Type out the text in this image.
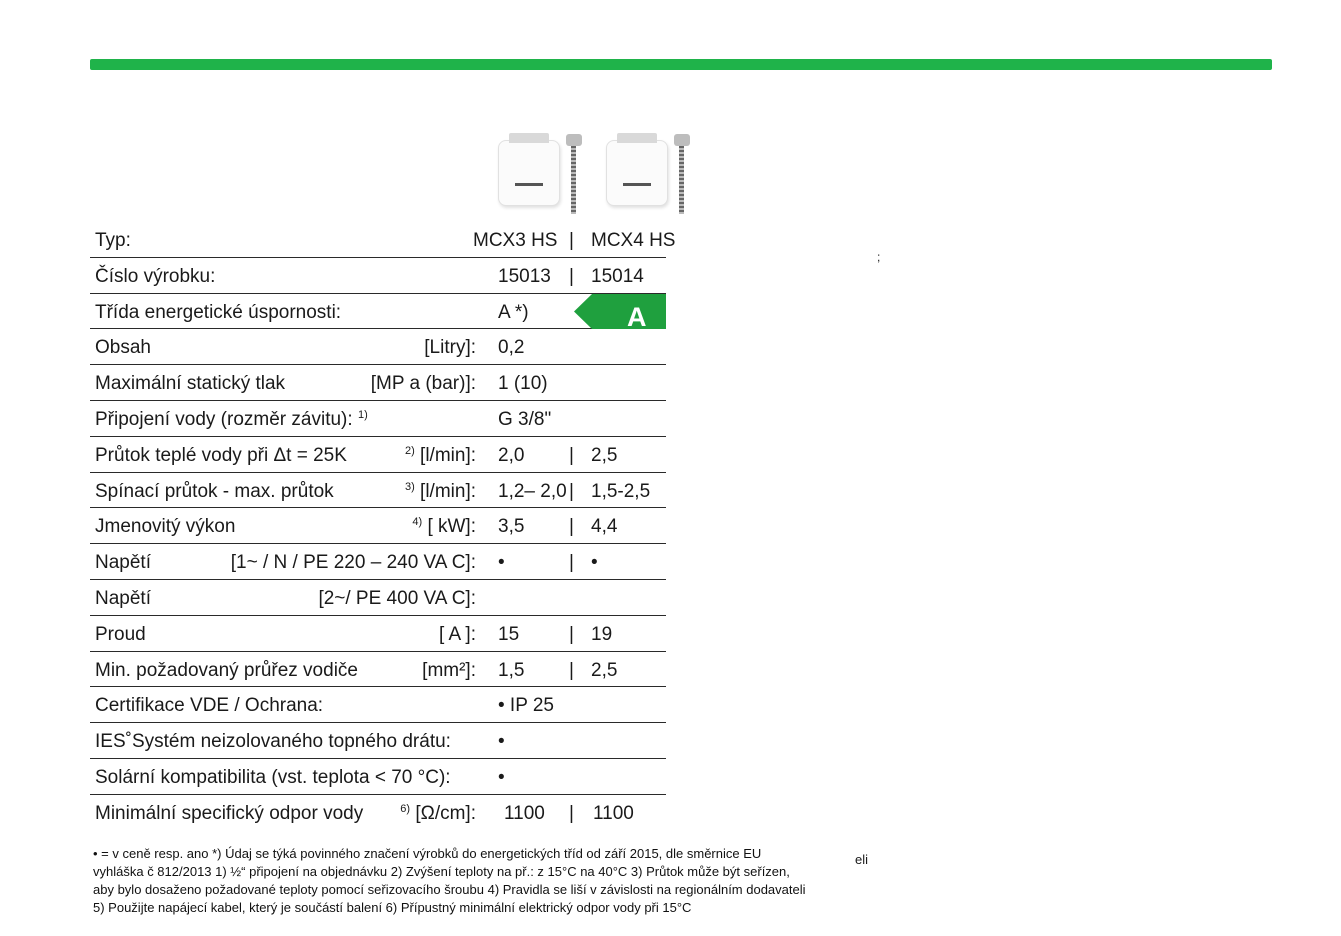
Typ:	MCX3 HS | MCX4 HS
Číslo výrobku:	15013 | 15014
Třída energetické úspornosti:	A *)	A
Obsah	[Litry]: 0,2
Maximální statický tlak	[MP a (bar)]: 1 (10)
Připojení vody (rozměr závitu): $^{1)}$	G 3/8"
Průtok teplé vody při Δt = 25K	$^{2)}$ [l/min]: 2,0 | 2,5
Spínací průtok - max. průtok	$^{3)}$ [l/min]: 1,2– 2,0 | 1,5-2,5
Jmenovitý výkon	$^{4)}$ [ kW]: 3,5 | 4,4
Napětí	[1~ / N / PE 220 – 240 VA C]: •	| •
Napětí	[2~/ PE 400 VA C]:
Proud	[ A ]: 15	| 19
Min. požadovaný průřez vodiče	[mm²]: 1,5 | 2,5
Certifikace VDE / Ochrana:	• IP 25
IES˚Systém neizolovaného topného drátu: •
Solární kompatibilita (vst. teplota < 70 °C): •
Minimální specifický odpor vody	$^{6)}$ [Ω/cm]: 1100 | 1100
• = v ceně resp. ano *) Údaj se týká povinného značení výrobků do energetických tříd od září 2015, dle směrnice EU
vyhláška č 812/2013 1) ½“ připojení na objednávku 2) Zvýšení teploty na př.: z 15°C na 40°C 3) Průtok může být seřízen,
aby bylo dosaženo požadované teploty pomocí seřizovacího šroubu 4) Pravidla se liší v závislosti na regionálním dodavateli
5) Použijte napájecí kabel, který je součástí balení 6) Přípustný minimální elektrický odpor vody při 15°C
eli
;
